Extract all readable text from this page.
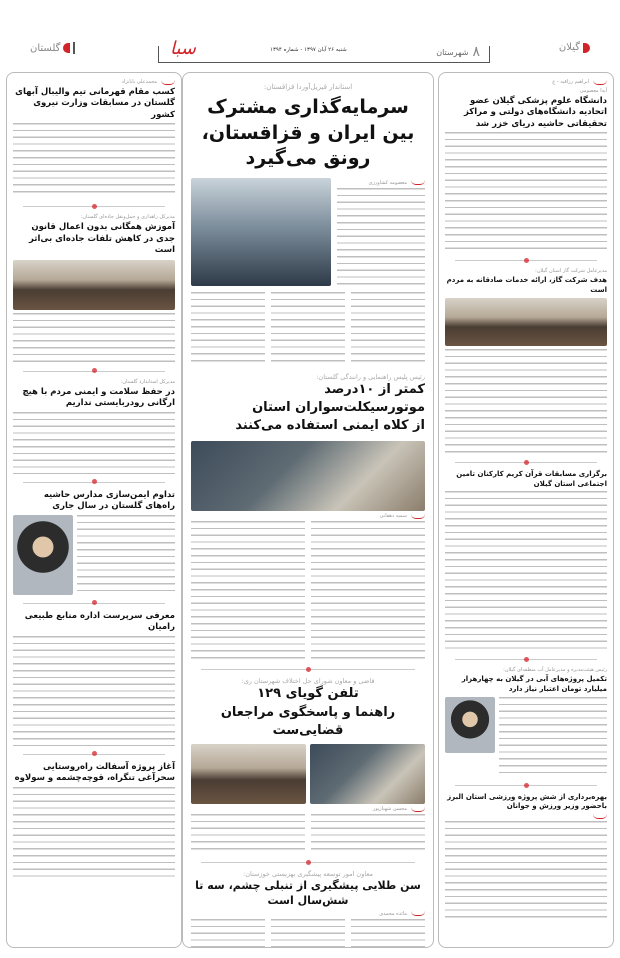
گیلان
۸
شهرستان
شنبه ۲۶ آبان ۱۳۹۷ - شماره ۱۳۹۴
سبا
گلستان
ابراهیم رزاقیه - ع
آیدا معصومی
دانشگاه علوم پزشکی گیلان عضو اتحادیه دانشگاه‌های دولتی و مراکز تحقیقاتی حاشیه دریای خزر شد
مدیرعامل شرکت گاز استان گیلان:
هدف شرکت گاز، ارائه خدمات صادقانه به مردم است
برگزاری مسابقات قرآن کریم کارکنان تامین اجتماعی استان گیلان
رئیس هیئت‌مدیره و مدیرعامل آب منطقه‌ای گیلان:
تکمیل پروژه‌های آبی در گیلان به چهارهزار میلیارد تومان اعتبار نیاز دارد
بهره‌برداری از شش پروژه ورزشی استان البرز باحضور وزیر ورزش و جوانان
استاندار قیزیل‌آوردا قزاقستان:
سرمایه‌گذاری مشترک
بین ایران و قزاقستان، رونق می‌گیرد
معصومه کشاورزی
رئیس پلیس راهنمایی و رانندگی گلستان:
کمتر از ۱۰درصد موتورسیکلت‌سواران استان
از کلاه ایمنی استفاده می‌کنند
سمیه دهقانی
قاضی و معاون شورای حل اختلاف شهرستان ری:
تلفن گویای ۱۲۹
راهنما و پاسخگوی مراجعان قضایی‌ست
محسن شهبازپور
معاون امور توسعه پیشگیری بهزیستی خوزستان:
سن طلایی پیشگیری از تنبلی چشم، سه تا شش‌سال است
مائده محمدی
محمدعلی بابانژاد
کسب مقام قهرمانی تیم والیبال آبهای گلستان در مسابقات وزارت نیروی کشور
مدیرکل راهداری و حمل‌ونقل جاده‌ای گلستان:
آموزش همگانی بدون اعمال قانون جدی در کاهش تلفات جاده‌ای بی‌اثر است
مدیرکل استاندارد گلستان:
در حفظ سلامت و ایمنی مردم با هیچ ارگانی رودربایستی نداریم
تداوم ایمن‌سازی مدارس حاشیه راه‌های گلستان در سال جاری
معرفی سرپرست اداره منابع طبیعی رامیان
آغاز پروژه آسفالت راه‌روستایی سحرآغی تنگراه، قوچه‌چشمه و سولاوه
